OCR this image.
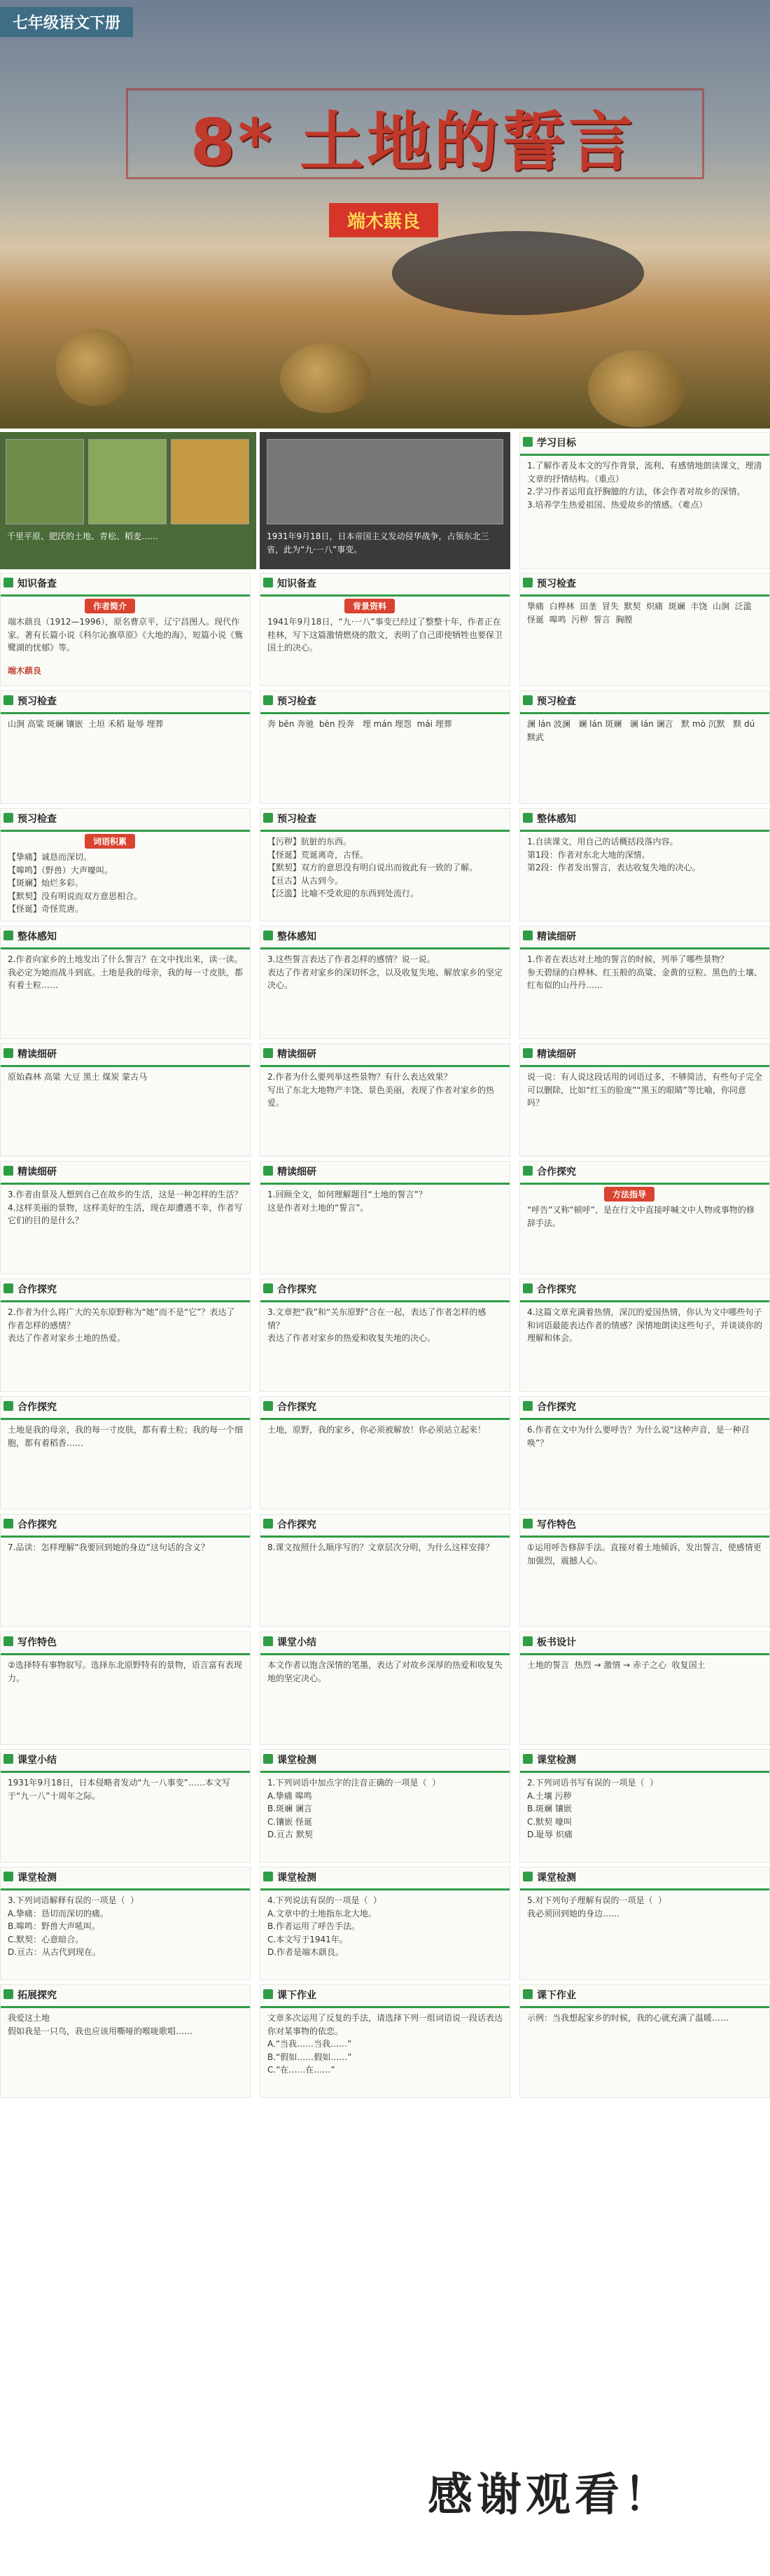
七年级语文下册
8* 土地的誓言
端木蕻良
千里平原、肥沃的土地、青松、稻麦……	1931年9月18日，日本帝国主义发动侵华战争，占领东北三省，此为“九·一八”事变。
学习目标
1.了解作者及本文的写作背景，流利、有感情地朗读课文，理清文章的抒情结构。（重点）
2.学习作者运用直抒胸臆的方法，体会作者对故乡的深情。
3.培养学生热爱祖国、热爱故乡的情感。（难点）
知识备查
作者简介
端木蕻良
端木蕻良（1912—1996），原名曹京平，辽宁昌图人。现代作家。著有长篇小说《科尔沁旗草原》《大地的海》，短篇小说《鴜鹭湖的忧郁》等。
知识备查
背景资料
1941年9月18日，“九·一八”事变已经过了整整十年，作者正在桂林，写下这篇激情燃烧的散文，表明了自己即使牺牲也要保卫国土的决心。
预习检查
挚痛  白桦林  田垄  冒失  默契  炽痛  斑斓  丰饶  山涧  泛滥  怪诞  嗥鸣  污秽  誓言  胸膛
预习检查
山涧 高粱 斑斓 镶嵌  土垣 禾稻 耻辱 埋葬
预习检查
奔 bēn 奔驰  bèn 投奔   埋 mán 埋怨  mái 埋葬
预习检查
澜 lán 波澜   斓 lán 斑斓   谰 lán 谰言   默 mò 沉默   黩 dú 黩武
预习检查
词语积累
【挚痛】诚恳而深切。
【嗥鸣】（野兽）大声嚎叫。
【斑斓】灿烂多彩。
【默契】没有明说而双方意思相合。
【怪诞】奇怪荒唐。
预习检查
【污秽】肮脏的东西。
【怪诞】荒诞离奇，古怪。
【默契】双方的意思没有明白说出而彼此有一致的了解。
【亘古】从古到今。
【泛滥】比喻不受欢迎的东西到处流行。
整体感知
1.自读课文，用自己的话概括段落内容。
第1段：作者对东北大地的深情。
第2段：作者发出誓言，表达收复失地的决心。
整体感知
2.作者向家乡的土地发出了什么誓言？在文中找出来，读一读。
我必定为她而战斗到底。土地是我的母亲，我的每一寸皮肤，都有着土粒……
整体感知
3.这些誓言表达了作者怎样的感情？说一说。
表达了作者对家乡的深切怀念，以及收复失地、解放家乡的坚定决心。
精读细研
1.作者在表达对土地的誓言的时候，列举了哪些景物？
参天碧绿的白桦林、红玉般的高粱、金黄的豆粒、黑色的土壤、红布似的山丹丹……
精读细研
原始森林 高粱 大豆 黑土 煤炭 蒙古马
精读细研
2.作者为什么要列举这些景物？有什么表达效果？
写出了东北大地物产丰饶、景色美丽，表现了作者对家乡的热爱。
精读细研
说一说：有人说这段话用的词语过多，不够简洁，有些句子完全可以删除，比如“红玉的脸庞”“黑玉的眼睛”等比喻，你同意吗？
精读细研
3.作者由景及人想到自己在故乡的生活，这是一种怎样的生活？
4.这样美丽的景物，这样美好的生活，现在却遭遇不幸，作者写它们的目的是什么？
精读细研
1.回顾全文，如何理解题目“土地的誓言”？
这是作者对土地的“誓言”。
合作探究
方法指导
“呼告”又称“顿呼”，是在行文中直接呼喊文中人物或事物的修辞手法。
合作探究
2.作者为什么将广大的关东原野称为“她”而不是“它”？表达了作者怎样的感情？
表达了作者对家乡土地的热爱。
合作探究
3.文章把“我”和“关东原野”合在一起，表达了作者怎样的感情？
表达了作者对家乡的热爱和收复失地的决心。
合作探究
4.这篇文章充满着热情，深沉的爱国热情，你认为文中哪些句子和词语最能表达作者的情感？深情地朗读这些句子，并谈谈你的理解和体会。
合作探究
土地是我的母亲，我的每一寸皮肤，都有着土粒；我的每一个细胞，都有着稻香……
合作探究
土地，原野，我的家乡，你必须被解放！你必须站立起来！
合作探究
6.作者在文中为什么要呼告？为什么说“这种声音，是一种召唤”？
合作探究
7.品读：怎样理解“我要回到她的身边”这句话的含义？
合作探究
8.课文按照什么顺序写的？文章层次分明，为什么这样安排？
写作特色
①运用呼告修辞手法。直接对着土地倾诉，发出誓言，使感情更加强烈，震撼人心。
写作特色
②选择特有事物叙写。选择东北原野特有的景物，语言富有表现力。
课堂小结
本文作者以饱含深情的笔墨，表达了对故乡深厚的热爱和收复失地的坚定决心。
板书设计
土地的誓言  热烈 → 激情 → 赤子之心  收复国土
课堂小结
1931年9月18日，日本侵略者发动“九一八事变”……本文写于“九一八”十周年之际。
课堂检测
1.下列词语中加点字的注音正确的一项是（  ）
A.挚痛 嗥鸣
B.斑斓 谰言
C.镶嵌 怪诞
D.亘古 默契
课堂检测
2.下列词语书写有误的一项是（  ）
A.土壤 污秽
B.斑斓 镶嵌
C.默契 嚎叫
D.耻辱 炽痛
课堂检测
3.下列词语解释有误的一项是（  ）
A.挚痛：恳切而深切的痛。
B.嗥鸣：野兽大声吼叫。
C.默契：心意暗合。
D.亘古：从古代到现在。
课堂检测
4.下列说法有误的一项是（  ）
A.文章中的土地指东北大地。
B.作者运用了呼告手法。
C.本文写于1941年。
D.作者是端木蕻良。
课堂检测
5.对下列句子理解有误的一项是（  ）
我必须回到她的身边……
拓展探究
我爱这土地
假如我是一只鸟，我也应该用嘶哑的喉咙歌唱……
课下作业
文章多次运用了反复的手法，请选择下列一组词语说一段话表达你对某事物的依恋。
A.“当我……当我……”
B.“假如……假如……”
C.“在……在……”
课下作业
示例：当我想起家乡的时候，我的心就充满了温暖……
感谢观看！
